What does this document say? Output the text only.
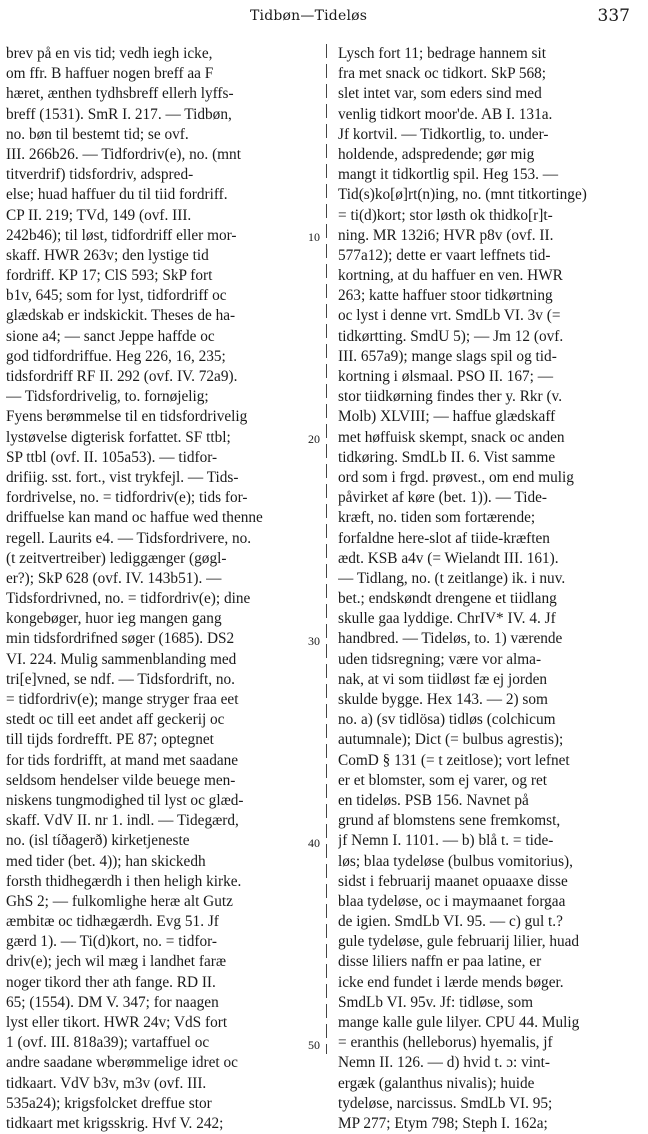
Tidbøn—Tideløs	337
brev på en vis tid; vedh iegh icke,
om ffr. B haffuer nogen breff aa F
hæret, ænthen tydhsbreff ellerh lyffs-
breff (1531). SmR I. 217. — Tidbøn,
no. bøn til bestemt tid; se ovf.
III. 266b26. — Tidfordriv(e), no. (mnt
titverdrif) tidsfordriv, adspred-
else; huad haffuer du til tiid fordriff.
CP II. 219; TVd, 149 (ovf. III.
242b46); til løst, tidfordriff eller mor-
skaff. HWR 263v; den lystige tid
fordriff. KP 17; ClS 593; SkP fort
b1v, 645; som for lyst, tidfordriff oc
glædskab er indskickit. Theses de ha-
sione a4; — sanct Jeppe haffde oc
god tidfordriffue. Heg 226, 16, 235;
tidsfordriff RF II. 292 (ovf. IV. 72a9).
— Tidsfordrivelig, to. fornøjelig;
Fyens berømmelse til en tidsfordrivelig
lystøvelse digterisk forfattet. SF ttbl;
SP ttbl (ovf. II. 105a53). — tidfor-
drifiig. sst. fort., vist trykfejl. — Tids-
fordrivelse, no. = tidfordriv(e); tids for-
driffuelse kan mand oc haffue wed thenne
regell. Laurits e4. — Tidsfordrivere, no.
(t zeitvertreiber) lediggænger (gøgl-
er?); SkP 628 (ovf. IV. 143b51). —
Tidsfordrivned, no. = tidfordriv(e); dine
kongebøger, huor ieg mangen gang
min tidsfordrifned søger (1685). DS2
VI. 224. Mulig sammenblanding med
tri[e]vned, se ndf. — Tidsfordrift, no.
= tidfordriv(e); mange stryger fraa eet
stedt oc till eet andet aff geckerij oc
till tijds fordrefft. PE 87; optegnet
for tids fordrifft, at mand met saadane
seldsom hendelser vilde beuege men-
niskens tungmodighed til lyst oc glæd-
skaff. VdV II. nr 1. indl. — Tidegærd,
no. (isl tíðagerð) kirketjeneste
med tider (bet. 4)); han skickedh
forsth thidhegærdh i then heligh kirke.
GhS 2; — fulkomlighe heræ alt Gutz
æmbitæ oc tidhægærdh. Evg 51. Jf
gærd 1). — Ti(d)kort, no. = tidfor-
driv(e); jech wil mæg i landhet faræ
noger tikord ther ath fange. RD II.
65; (1554). DM V. 347; for naagen
lyst eller tikort. HWR 24v; VdS fort
1 (ovf. III. 818a39); vartaffuel oc
andre saadane wberømmelige idret oc
tidkaart. VdV b3v, m3v (ovf. III.
535a24); krigsfolcket dreffue stor
tidkaart met krigsskrig. Hvf V. 242;
10
20
30
40
50
Lysch fort 11; bedrage hannem sit
fra met snack oc tidkort. SkP 568;
slet intet var, som eders sind med
venlig tidkort moor'de. AB I. 131a.
Jf kortvil. — Tidkortlig, to. under-
holdende, adspredende; gør mig
mangt it tidkortlig spil. Heg 153. —
Tid(s)ko[ø]rt(n)ing, no. (mnt titkortinge)
= ti(d)kort; stor løsth ok thidko[r]t-
ning. MR 132i6; HVR p8v (ovf. II.
577a12); dette er vaart leffnets tid-
kortning, at du haffuer en ven. HWR
263; katte haffuer stoor tidkørtning
oc lyst i denne vrt. SmdLb VI. 3v (=
tidkørtting. SmdU 5); — Jm 12 (ovf.
III. 657a9); mange slags spil og tid-
kortning i ølsmaal. PSO II. 167; —
stor tiidkørning findes ther y. Rkr (v.
Molb) XLVIII; — haffue glædskaff
met høffuisk skempt, snack oc anden
tidkøring. SmdLb II. 6. Vist samme
ord som i frgd. prøvest., om end mulig
påvirket af køre (bet. 1)). — Tide-
kræft, no. tiden som fortærende;
forfaldne here-slot af tiide-kræften
ædt. KSB a4v (= Wielandt III. 161).
— Tidlang, no. (t zeitlange) ik. i nuv.
bet.; endskøndt drengene et tiidlang
skulle gaa lyddige. ChrIV* IV. 4. Jf
handbred. — Tideløs, to. 1) værende
uden tidsregning; være vor alma-
nak, at vi som tiidløst fæ ej jorden
skulde bygge. Hex 143. — 2) som
no. a) (sv tidlösa) tidløs (colchicum
autumnale); Dict (= bulbus agrestis);
ComD § 131 (= t zeitlose); vort lefnet
er et blomster, som ej varer, og ret
en tideløs. PSB 156. Navnet på
grund af blomstens sene fremkomst,
jf Nemn I. 1101. — b) blå t. = tide-
løs; blaa tydeløse (bulbus vomitorius),
sidst i februarij maanet opuaaxe disse
blaa tydeløse, oc i maymaanet forgaa
de igien. SmdLb VI. 95. — c) gul t.?
gule tydeløse, gule februarij lilier, huad
disse liliers naffn er paa latine, er
icke end fundet i lærde mends bøger.
SmdLb VI. 95v. Jf: tidløse, som
mange kalle gule lilyer. CPU 44. Mulig
= eranthis (helleborus) hyemalis, jf
Nemn II. 126. — d) hvid t. ɔ: vint-
ergæk (galanthus nivalis); huide
tydeløse, narcissus. SmdLb VI. 95;
MP 277; Etym 798; Steph I. 162a;
